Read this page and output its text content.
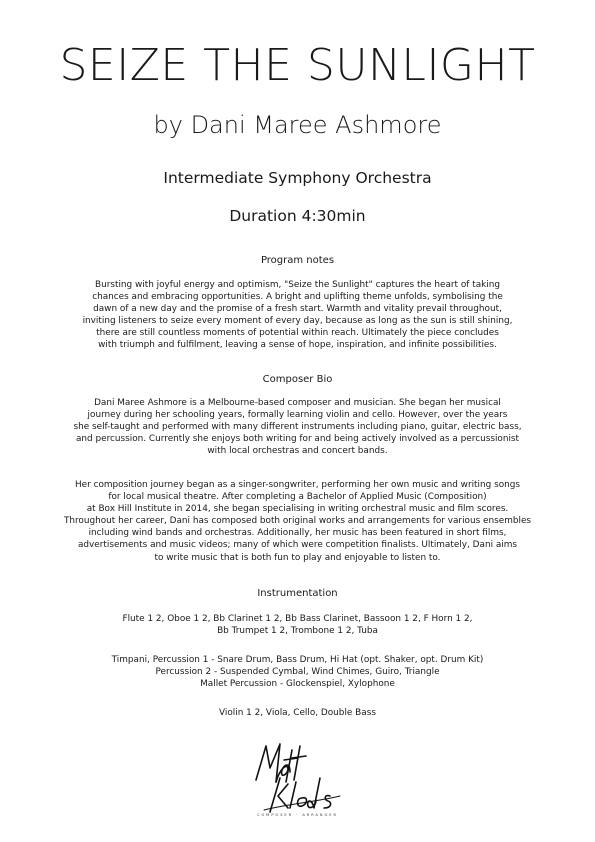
SEIZE THE SUNLIGHT
by Dani Maree Ashmore
Intermediate Symphony Orchestra
Duration 4:30min
Program notes
Bursting with joyful energy and optimism, "Seize the Sunlight" captures the heart of taking
chances and embracing opportunities. A bright and uplifting theme unfolds, symbolising the
dawn of a new day and the promise of a fresh start. Warmth and vitality prevail throughout,
inviting listeners to seize every moment of every day, because as long as the sun is still shining,
there are still countless moments of potential within reach. Ultimately the piece concludes
with triumph and fulfilment, leaving a sense of hope, inspiration, and infinite possibilities.
Composer Bio
Dani Maree Ashmore is a Melbourne-based composer and musician. She began her musical
journey during her schooling years, formally learning violin and cello. However, over the years
she self-taught and performed with many different instruments including piano, guitar, electric bass,
and percussion. Currently she enjoys both writing for and being actively involved as a percussionist
with local orchestras and concert bands.
Her composition journey began as a singer-songwriter, performing her own music and writing songs
for local musical theatre. After completing a Bachelor of Applied Music (Composition)
at Box Hill Institute in 2014, she began specialising in writing orchestral music and film scores.
Throughout her career, Dani has composed both original works and arrangements for various ensembles
including wind bands and orchestras. Additionally, her music has been featured in short films,
advertisements and music videos; many of which were competition finalists. Ultimately, Dani aims
to write music that is both fun to play and enjoyable to listen to.
Instrumentation
Flute 1 2, Oboe 1 2, Bb Clarinet 1 2, Bb Bass Clarinet, Bassoon 1 2, F Horn 1 2,
Bb Trumpet 1 2, Trombone 1 2, Tuba
Timpani, Percussion 1 - Snare Drum, Bass Drum, Hi Hat (opt. Shaker, opt. Drum Kit)
Percussion 2 - Suspended Cymbal, Wind Chimes, Guiro, Triangle
Mallet Percussion - Glockenspiel, Xylophone
Violin 1 2, Viola, Cello, Double Bass
COMPOSER · ARRANGER
